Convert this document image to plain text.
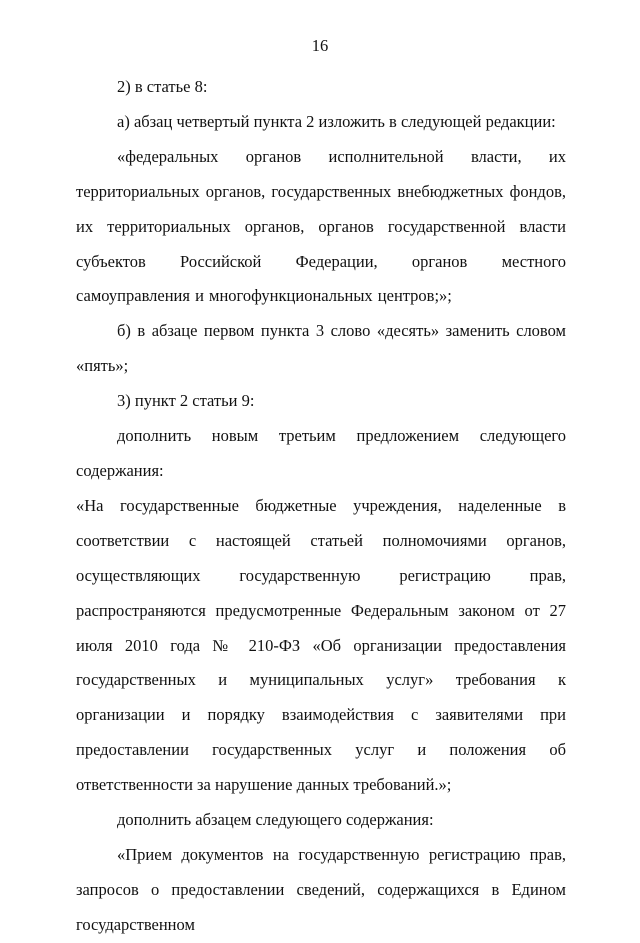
16

2) в статье 8:

а) абзац четвертый пункта 2 изложить в следующей редакции:

«федеральных органов исполнительной власти, их территориальных органов, государственных внебюджетных фондов, их территориальных органов, органов государственной власти субъектов Российской Федерации, органов местного самоуправления и многофункциональных центров;»;

б) в абзаце первом пункта 3 слово «десять» заменить словом «пять»;

3) пункт 2 статьи 9:

дополнить новым третьим предложением следующего содержания:

«На государственные бюджетные учреждения, наделенные в соответствии с настоящей статьей полномочиями органов, осуществляющих государственную регистрацию прав, распространяются предусмотренные Федеральным законом от 27 июля 2010 года № 210-ФЗ «Об организации предоставления государственных и муниципальных услуг» требования к организации и порядку взаимодействия с заявителями при предоставлении государственных услуг и положения об ответственности за нарушение данных требований.»;

дополнить абзацем следующего содержания:

«Прием документов на государственную регистрацию прав, запросов о предоставлении сведений, содержащихся в Едином государственном
